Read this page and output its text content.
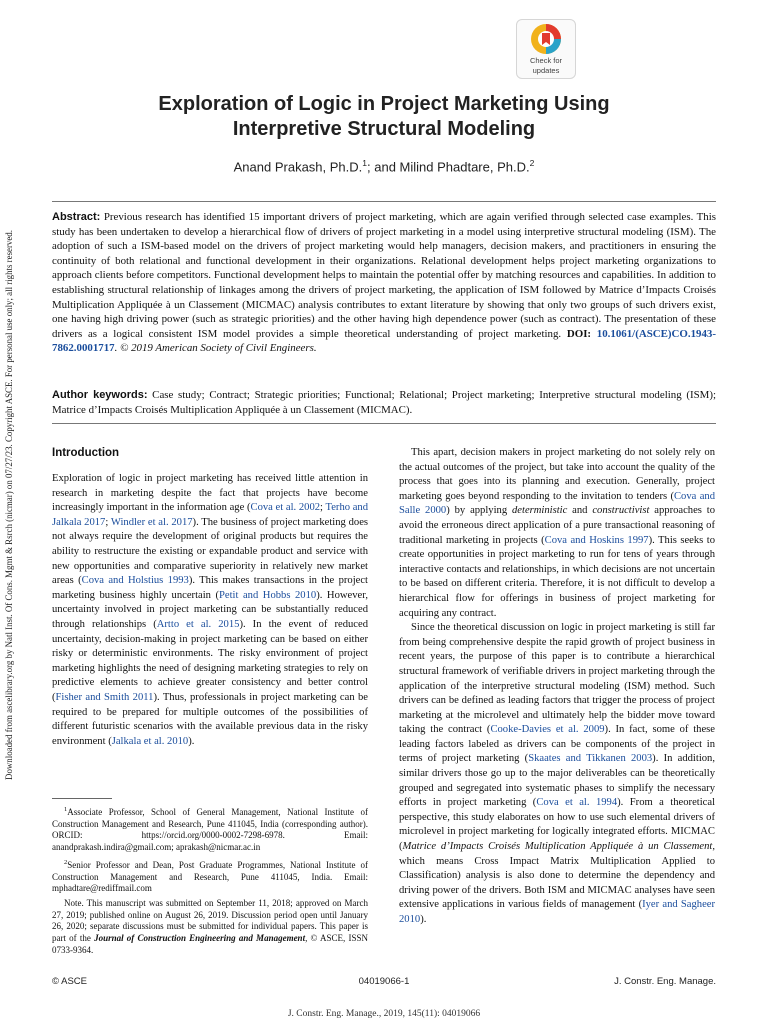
Downloaded from ascelibrary.org by Natl Inst. Of Cons. Mgmt & Rsrch (nicmar) on 07/27/23. Copyright ASCE. For personal use only; all rights reserved.
Check for
updates
Exploration of Logic in Project Marketing Using
Interpretive Structural Modeling
Anand Prakash, Ph.D.$^1$; and Milind Phadtare, Ph.D.$^2$
Abstract: Previous research has identified 15 important drivers of project marketing, which are again verified through selected case examples. This study has been undertaken to develop a hierarchical flow of drivers of project marketing in a model using interpretive structural modeling (ISM). The adoption of such a ISM-based model on the drivers of project marketing would help managers, decision makers, and practitioners in ensuring the continuity of both relational and functional development in their organizations. Relational development helps project marketing organizations to approach clients before competitors. Functional development helps to maintain the potential offer by matching resources and capabilities. In addition to establishing structural relationship of linkages among the drivers of project marketing, the application of ISM followed by Matrice d’Impacts Croisés Multiplication Appliquée à un Classement (MICMAC) analysis contributes to extant literature by showing that only two groups of such drivers exist, one having high driving power (such as strategic priorities) and the other having high dependence power (such as contract). The presentation of these drivers as a logical consistent ISM model provides a simple theoretical understanding of project marketing. DOI: 10.1061/(ASCE)CO.1943-7862.0001717. © 2019 American Society of Civil Engineers.
Author keywords: Case study; Contract; Strategic priorities; Functional; Relational; Project marketing; Interpretive structural modeling (ISM); Matrice d’Impacts Croisés Multiplication Appliquée à un Classement (MICMAC).
Introduction

Exploration of logic in project marketing has received little attention in research in marketing despite the fact that projects have become increasingly important in the information age (Cova et al. 2002; Terho and Jalkala 2017; Windler et al. 2017). The business of project marketing does not always require the development of original products but requires the ability to restructure the existing or expandable product and service with new opportunities and comparative superiority in relatively new market areas (Cova and Holstius 1993). This makes transactions in the project marketing business highly uncertain (Petit and Hobbs 2010). However, uncertainty involved in project marketing can be substantially reduced through relationships (Artto et al. 2015). In the event of reduced uncertainty, decision-making in project marketing can be based on either risky or deterministic environments. The risky environment of project marketing highlights the need of designing marketing strategies to rely on predictive elements to achieve greater consistency and better control (Fisher and Smith 2011). Thus, professionals in project marketing can be required to be prepared for multiple outcomes of the possibilities of different futuristic scenarios with the available previous data in the risky environment (Jalkala et al. 2010).

$^1$Associate Professor, School of General Management, National Institute of Construction Management and Research, Pune 411045, India (corresponding author). ORCID: https://orcid.org/0000-0002-7298-6978. Email: anandprakash.indira@gmail.com; aprakash@nicmar.ac.in

$^2$Senior Professor and Dean, Post Graduate Programmes, National Institute of Construction Management and Research, Pune 411045, India. Email: mphadtare@rediffmail.com

Note. This manuscript was submitted on September 11, 2018; approved on March 27, 2019; published online on August 26, 2019. Discussion period open until January 26, 2020; separate discussions must be submitted for individual papers. This paper is part of the Journal of Construction Engineering and Management, © ASCE, ISSN 0733-9364.

This apart, decision makers in project marketing do not solely rely on the actual outcomes of the project, but take into account the quality of the process that goes into its planning and execution. Generally, project marketing goes beyond responding to the invitation to tenders (Cova and Salle 2000) by applying deterministic and constructivist approaches to avoid the erroneous direct application of a pure transactional reasoning of traditional marketing in projects (Cova and Hoskins 1997). This seeks to create opportunities in project marketing to run for tens of years through interactive contacts and relationships, in which decisions are not uncertain to be based on different criteria. Therefore, it is not difficult to develop a hierarchical flow for offerings in business of project marketing for acquiring any contract.

Since the theoretical discussion on logic in project marketing is still far from being comprehensive despite the rapid growth of project business in recent years, the purpose of this paper is to contribute a hierarchical structural framework of verifiable drivers in project marketing through the application of the interpretive structural modeling (ISM) method. Such drivers can be defined as leading factors that trigger the process of project marketing at the microlevel and ultimately help the bidder move toward taking the contract (Cooke-Davies et al. 2009). In fact, some of these leading factors labeled as drivers can be components of the project in terms of project marketing (Skaates and Tikkanen 2003). In addition, similar drivers those go up to the major deliverables can be theoretically grouped and segregated into systematic phases to simplify the necessary efforts in project marketing (Cova et al. 1994). From a theoretical perspective, this study elaborates on how to use such elemental drivers of microlevel in project marketing for logically integrated efforts. MICMAC (Matrice d’Impacts Croisés Multiplication Appliquée à un Classement, which means Cross Impact Matrix Multiplication Applied to Classification) analysis is also done to determine the dependency and driving power of the drivers. Both ISM and MICMAC analyses have seen extensive applications in various fields of management (Iyer and Sagheer 2010).

© ASCE	04019066-1	J. Constr. Eng. Manage.
J. Constr. Eng. Manage., 2019, 145(11): 04019066
